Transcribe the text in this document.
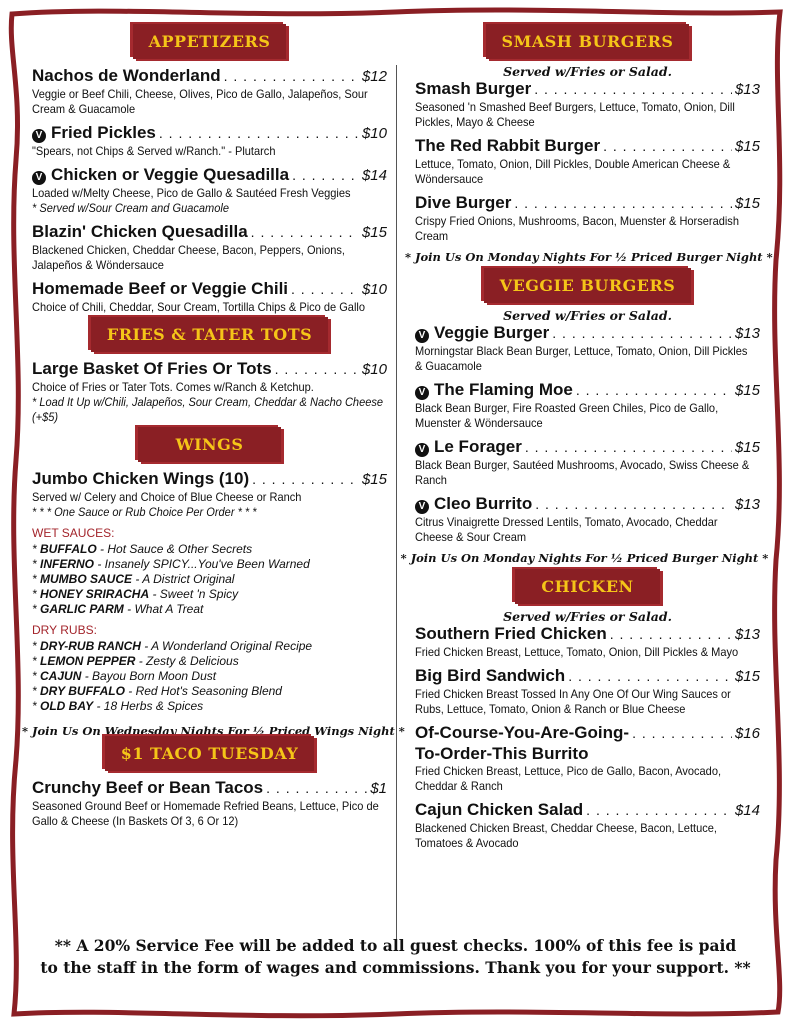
APPETIZERS
Nachos de Wonderland . . .	$12
Veggie or Beef Chili, Cheese, Olives, Pico de Gallo, Jalapeños, Sour Cream & Guacamole
V Fried Pickles . . .	$10
"Spears, not Chips & Served w/Ranch." - Plutarch
V Chicken or Veggie Quesadilla . . .	$14
Loaded w/Melty Cheese, Pico de Gallo & Sautéed Fresh Veggies
* Served w/Sour Cream and Guacamole
Blazin' Chicken Quesadilla . . .	$15
Blackened Chicken, Cheddar Cheese, Bacon, Peppers, Onions, Jalapeños & Wöndersauce
Homemade Beef or Veggie Chili . . .	$10
Choice of Chili, Cheddar, Sour Cream, Tortilla Chips & Pico de Gallo
FRIES & TATER TOTS
Large Basket Of Fries Or Tots . . .	$10
Choice of Fries or Tater Tots. Comes w/Ranch & Ketchup.
* Load It Up w/Chili, Jalapeños, Sour Cream, Cheddar & Nacho Cheese (+$5)
WINGS
Jumbo Chicken Wings (10) . . .	$15
Served w/ Celery and Choice of Blue Cheese or Ranch
* * * One Sauce or Rub Choice Per Order * * *
WET SAUCES:
* BUFFALO - Hot Sauce & Other Secrets
* INFERNO - Insanely SPICY...You've Been Warned
* MUMBO SAUCE - A District Original
* HONEY SRIRACHA - Sweet 'n Spicy
* GARLIC PARM - What A Treat
DRY RUBS:
* DRY-RUB RANCH - A Wonderland Original Recipe
* LEMON PEPPER - Zesty & Delicious
* CAJUN - Bayou Born Moon Dust
* DRY BUFFALO - Red Hot's Seasoning Blend
* OLD BAY - 18 Herbs & Spices
* Join Us On Wednesday Nights For ½ Priced Wings Night *
$1 TACO TUESDAY
Crunchy Beef or Bean Tacos . . .	$1
Seasoned Ground Beef or Homemade Refried Beans, Lettuce, Pico de Gallo & Cheese (In Baskets Of 3, 6 Or 12)
SMASH BURGERS
Served w/Fries or Salad.
Smash Burger . . .	$13
Seasoned 'n Smashed Beef Burgers, Lettuce, Tomato, Onion, Dill Pickles, Mayo & Cheese
The Red Rabbit Burger . . .	$15
Lettuce, Tomato, Onion, Dill Pickles, Double American Cheese & Wöndersauce
Dive Burger . . .	$15
Crispy Fried Onions, Mushrooms, Bacon, Muenster & Horseradish Cream
* Join Us On Monday Nights For ½ Priced Burger Night *
VEGGIE BURGERS
Served w/Fries or Salad.
V Veggie Burger . . .	$13
Morningstar Black Bean Burger, Lettuce, Tomato, Onion, Dill Pickles & Guacamole
V The Flaming Moe . . .	$15
Black Bean Burger, Fire Roasted Green Chiles, Pico de Gallo, Muenster & Wöndersauce
V Le Forager . . .	$15
Black Bean Burger, Sautéed Mushrooms, Avocado, Swiss Cheese & Ranch
V Cleo Burrito . . .	$13
Citrus Vinaigrette Dressed Lentils, Tomato, Avocado, Cheddar Cheese & Sour Cream
* Join Us On Monday Nights For ½ Priced Burger Night *
CHICKEN
Served w/Fries or Salad.
Southern Fried Chicken . . .	$13
Fried Chicken Breast, Lettuce, Tomato, Onion, Dill Pickles & Mayo
Big Bird Sandwich . . .	$15
Fried Chicken Breast Tossed In Any One Of Our Wing Sauces or Rubs, Lettuce, Tomato, Onion & Ranch or Blue Cheese
Of-Course-You-Are-Going- . . .	$16
To-Order-This Burrito
Fried Chicken Breast, Lettuce, Pico de Gallo, Bacon, Avocado, Cheddar & Ranch
Cajun Chicken Salad . . .	$14
Blackened Chicken Breast, Cheddar Cheese, Bacon, Lettuce, Tomatoes & Avocado
** A 20% Service Fee will be added to all guest checks. 100% of this fee is paid
to the staff in the form of wages and commissions. Thank you for your support. **
